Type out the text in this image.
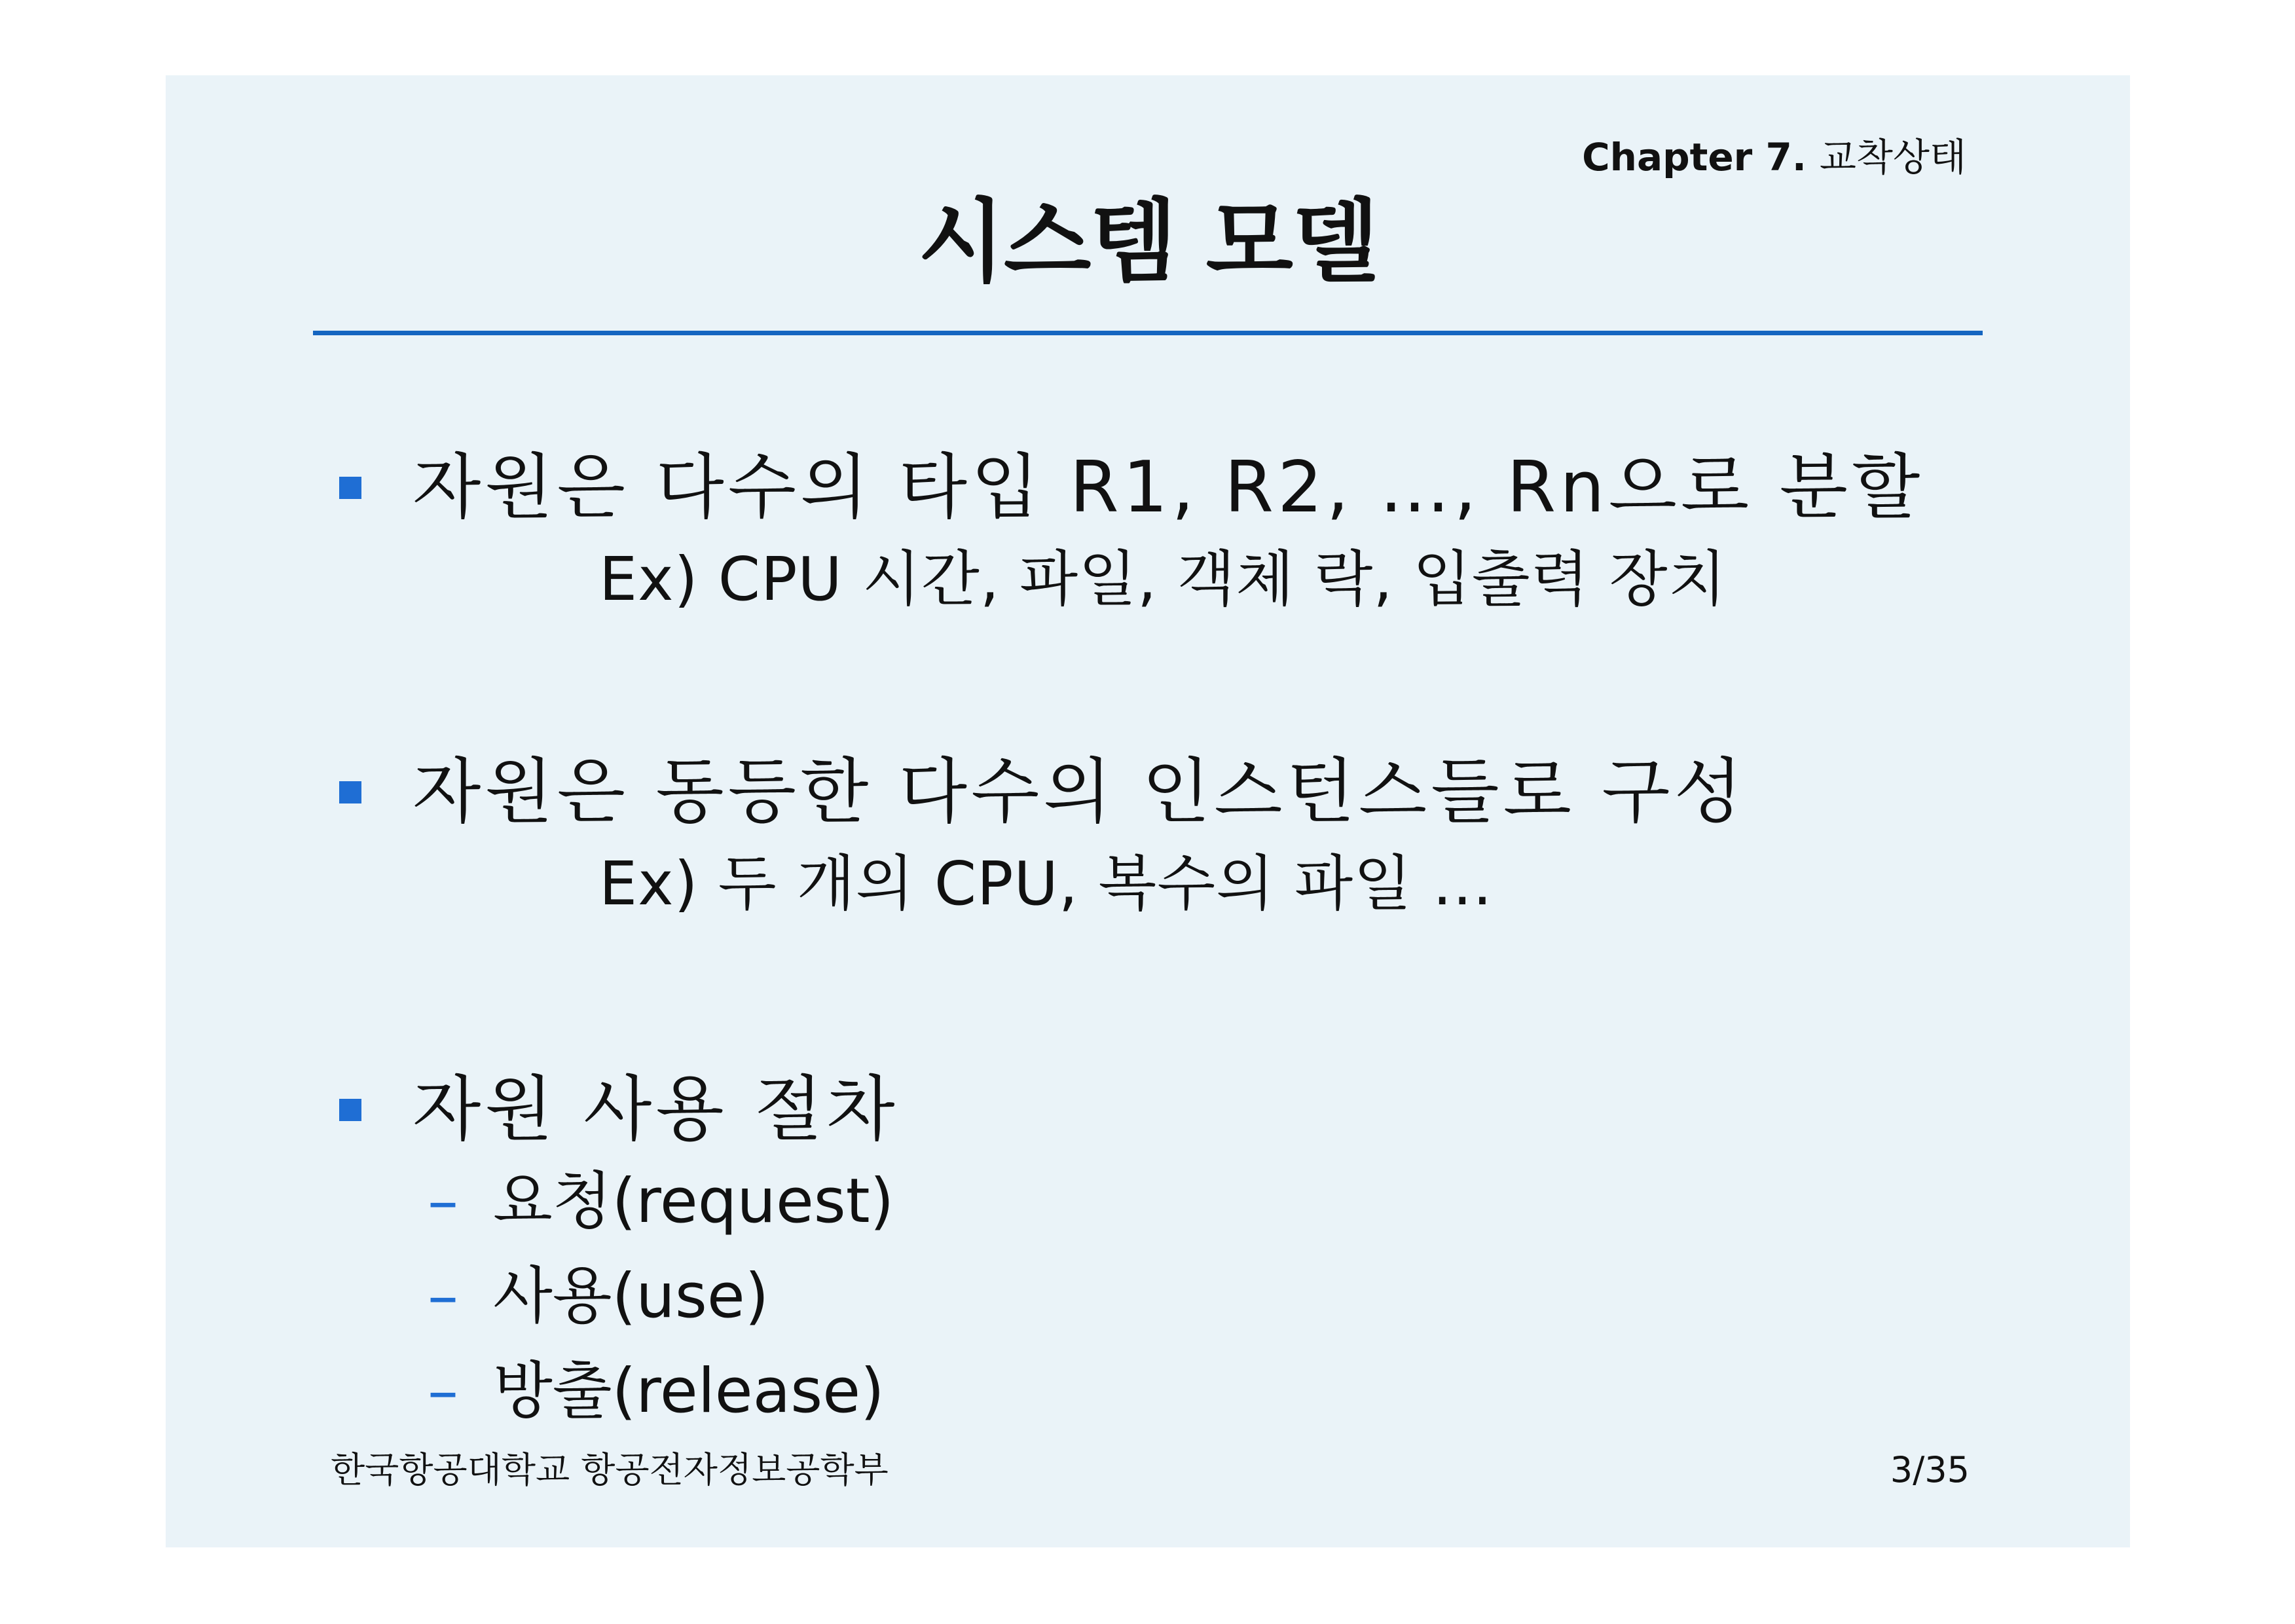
Chapter 7. 교착상태
시스템 모델
자원은 다수의 타입 R1, R2, …, Rn으로 분할
Ex) CPU 시간, 파일, 객체 락, 입출력 장치
자원은 동등한 다수의 인스턴스들로 구성
Ex) 두 개의 CPU, 복수의 파일 …
자원 사용 절차
– 요청(request)
– 사용(use)
– 방출(release)
한국항공대학교 항공전자정보공학부	3/35
